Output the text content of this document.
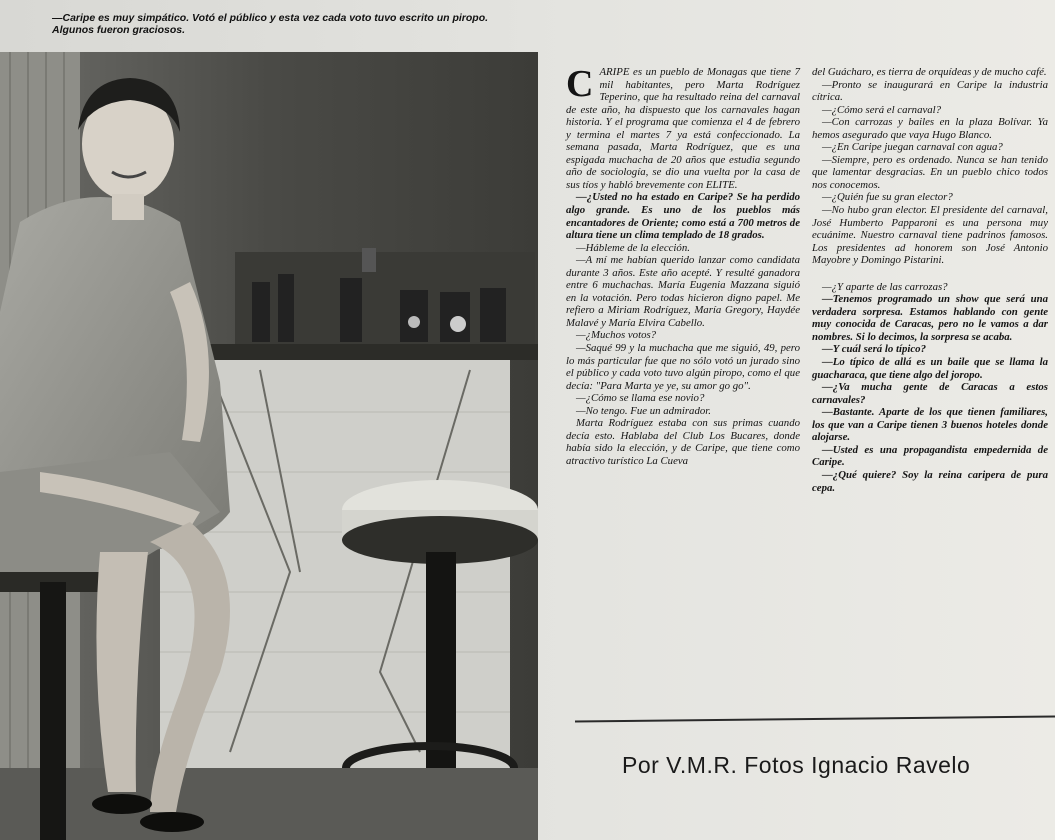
—Caripe es muy simpático. Votó el público y esta vez cada voto tuvo escrito un piropo. Algunos fueron graciosos.

CARIPE es un pueblo de Monagas que tiene 7 mil habitantes, pero Marta Rodríguez Teperino, que ha resultado reina del carnaval de este año, ha dispuesto que los carnavales hagan historia. Y el programa que comienza el 4 de febrero y termina el martes 7 ya está confeccionado. La semana pasada, Marta Rodríguez, que es una espigada muchacha de 20 años que estudia segundo año de sociología, se dio una vuelta por la casa de sus tíos y habló brevemente con ELITE.

—¿Usted no ha estado en Caripe? Se ha perdido algo grande. Es uno de los pueblos más encantadores de Oriente; como está a 700 metros de altura tiene un clima templado de 18 grados.

—Hábleme de la elección.

—A mí me habían querido lanzar como candidata durante 3 años. Este año acepté. Y resulté ganadora entre 6 muchachas. María Eugenia Mazzana siguió en la votación. Pero todas hicieron digno papel. Me refiero a Miriam Rodríguez, María Gregory, Haydée Malavé y María Elvira Cabello.

—¿Muchos votos?

—Saqué 99 y la muchacha que me siguió, 49, pero lo más particular fue que no sólo votó un jurado sino el público y cada voto tuvo algún piropo, como el que decía: "Para Marta ye ye, su amor go go".

—¿Cómo se llama ese novio?

—No tengo. Fue un admirador.

Marta Rodríguez estaba con sus primas cuando decía esto. Hablaba del Club Los Bucares, donde había sido la elección, y de Caripe, que tiene como atractivo turístico La Cueva

del Guácharo, es tierra de orquídeas y de mucho café.

—Pronto se inaugurará en Caripe la industria cítrica.

—¿Cómo será el carnaval?

—Con carrozas y bailes en la plaza Bolívar. Ya hemos asegurado que vaya Hugo Blanco.

—¿En Caripe juegan carnaval con agua?

—Siempre, pero es ordenado. Nunca se han tenido que lamentar desgracias. En un pueblo chico todos nos conocemos.

—¿Quién fue su gran elector?

—No hubo gran elector. El presidente del carnaval, José Humberto Papparoni es una persona muy ecuánime. Nuestro carnaval tiene padrinos famosos. Los presidentes ad honorem son José Antonio Mayobre y Domingo Pistarini.

—¿Y aparte de las carrozas?

—Tenemos programado un show que será una verdadera sorpresa. Estamos hablando con gente muy conocida de Caracas, pero no le vamos a dar nombres. Si lo decimos, la sorpresa se acaba.

—Y cuál será lo típico?

—Lo típico de allá es un baile que se llama la guacharaca, que tiene algo del joropo.

—¿Va mucha gente de Caracas a estos carnavales?

—Bastante. Aparte de los que tienen familiares, los que van a Caripe tienen 3 buenos hoteles donde alojarse.

—Usted es una propagandista empedernida de Caripe.

—¿Qué quiere? Soy la reina caripera de pura cepa.

Por V.M.R. Fotos Ignacio Ravelo
